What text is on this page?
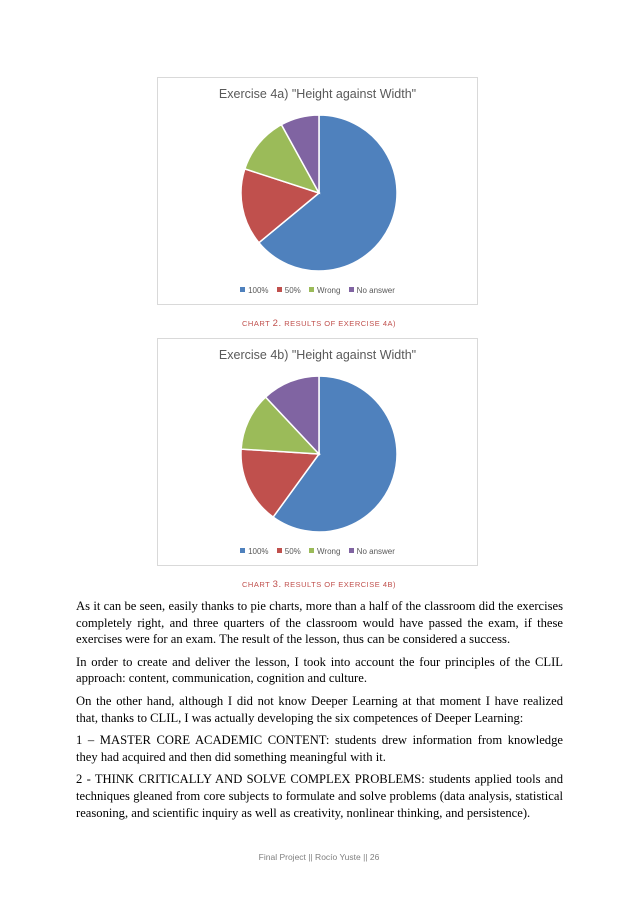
Exercise 4a) "Height against Width"
100% 50% Wrong No answer
CHART 2. RESULTS OF EXERCISE 4A)
Exercise 4b) "Height against Width"
100% 50% Wrong No answer
CHART 3. RESULTS OF EXERCISE 4B)

As it can be seen, easily thanks to pie charts, more than a half of the classroom did the exercises completely right, and three quarters of the classroom would have passed the exam, if these exercises were for an exam. The result of the lesson, thus can be considered a success.

In order to create and deliver the lesson, I took into account the four principles of the CLIL approach: content, communication, cognition and culture.

On the other hand, although I did not know Deeper Learning at that moment I have realized that, thanks to CLIL, I was actually developing the six competences of Deeper Learning:

1 – MASTER CORE ACADEMIC CONTENT: students drew information from knowledge they had acquired and then did something meaningful with it.

2 - THINK CRITICALLY AND SOLVE COMPLEX PROBLEMS: students applied tools and techniques gleaned from core subjects to formulate and solve problems (data analysis, statistical reasoning, and scientific inquiry as well as creativity, nonlinear thinking, and persistence).

Final Project || Rocío Yuste || 26
